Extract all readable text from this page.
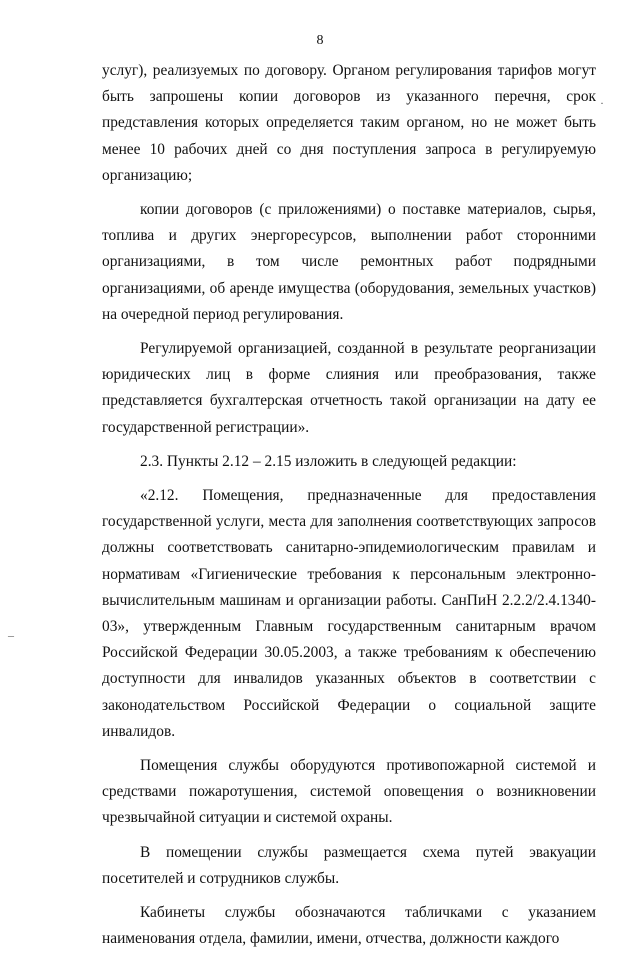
8

услуг), реализуемых по договору. Органом регулирования тарифов могут быть запрошены копии договоров из указанного перечня, срок представления которых определяется таким органом, но не может быть менее 10 рабочих дней со дня поступления запроса в регулируемую организацию;

копии договоров (с приложениями) о поставке материалов, сырья, топлива и других энергоресурсов, выполнении работ сторонними организациями, в том числе ремонтных работ подрядными организациями, об аренде имущества (оборудования, земельных участков) на очередной период регулирования.

Регулируемой организацией, созданной в результате реорганизации юридических лиц в форме слияния или преобразования, также представляется бухгалтерская отчетность такой организации на дату ее государственной регистрации».

2.3. Пункты 2.12 – 2.15 изложить в следующей редакции:

«2.12. Помещения, предназначенные для предоставления государственной услуги, места для заполнения соответствующих запросов должны соответствовать санитарно-эпидемиологическим правилам и нормативам «Гигиенические требования к персональным электронно-вычислительным машинам и организации работы. СанПиН 2.2.2/2.4.1340-03», утвержденным Главным государственным санитарным врачом Российской Федерации 30.05.2003, а также требованиям к обеспечению доступности для инвалидов указанных объектов в соответствии с законодательством Российской Федерации о социальной защите инвалидов.

Помещения службы оборудуются противопожарной системой и средствами пожаротушения, системой оповещения о возникновении чрезвычайной ситуации и системой охраны.

В помещении службы размещается схема путей эвакуации посетителей и сотрудников службы.

Кабинеты службы обозначаются табличками с указанием наименования отдела, фамилии, имени, отчества, должности каждого

·
–
